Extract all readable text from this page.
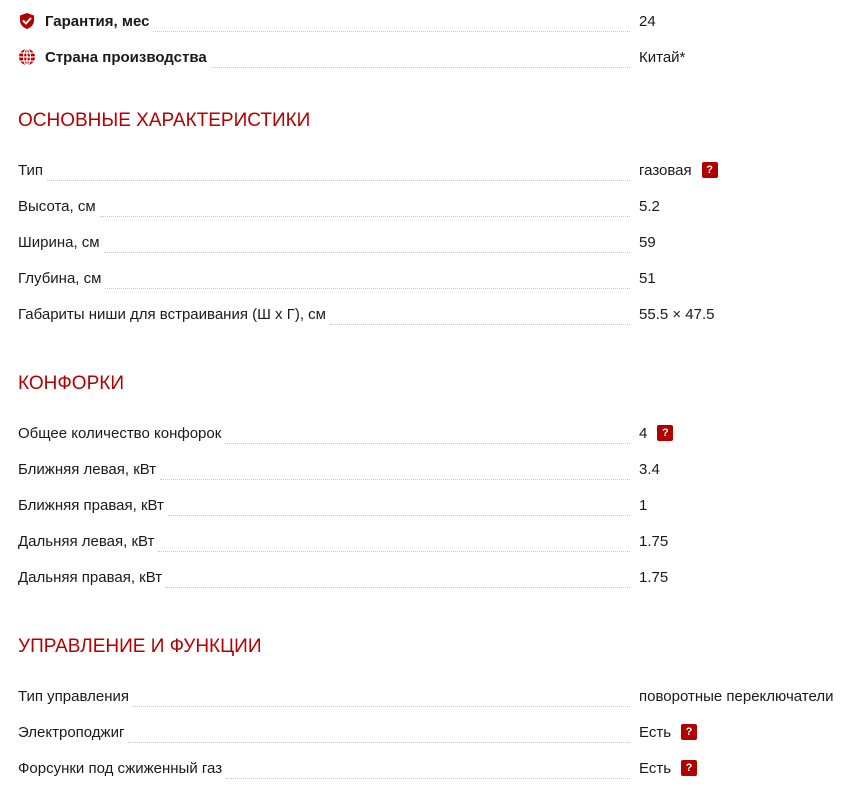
Гарантия, мес	24
Страна производства	Китай*
ОСНОВНЫЕ ХАРАКТЕРИСТИКИ
Тип	газовая	?
Высота, см	5.2
Ширина, см	59
Глубина, см	51
Габариты ниши для встраивания (Ш х Г), см	55.5 × 47.5
КОНФОРКИ
Общее количество конфорок	4	?
Ближняя левая, кВт	3.4
Ближняя правая, кВт	1
Дальняя левая, кВт	1.75
Дальняя правая, кВт	1.75
УПРАВЛЕНИЕ И ФУНКЦИИ
Тип управления	поворотные переключатели
Электроподжиг	Есть	?
Форсунки под сжиженный газ	Есть	?
